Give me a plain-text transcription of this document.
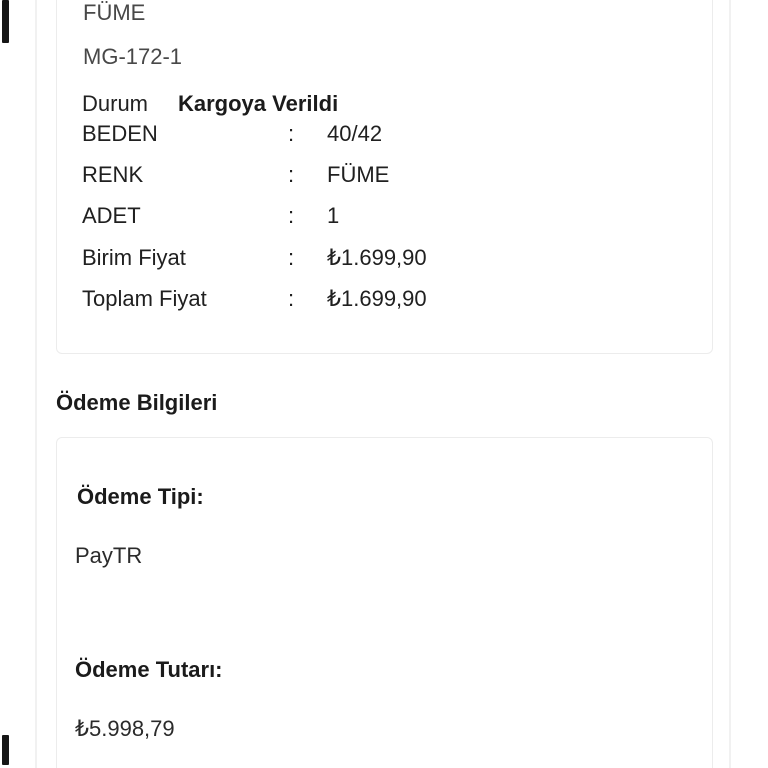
FÜME
MG-172-1
Durum	Kargoya Verildi
BEDEN	:	40/42
RENK	:	FÜME
ADET	:	1
Birim Fiyat	:	₺1.699,90
Toplam Fiyat	:	₺1.699,90
Ödeme Bilgileri
Ödeme Tipi:
PayTR
Ödeme Tutarı:
₺5.998,79
